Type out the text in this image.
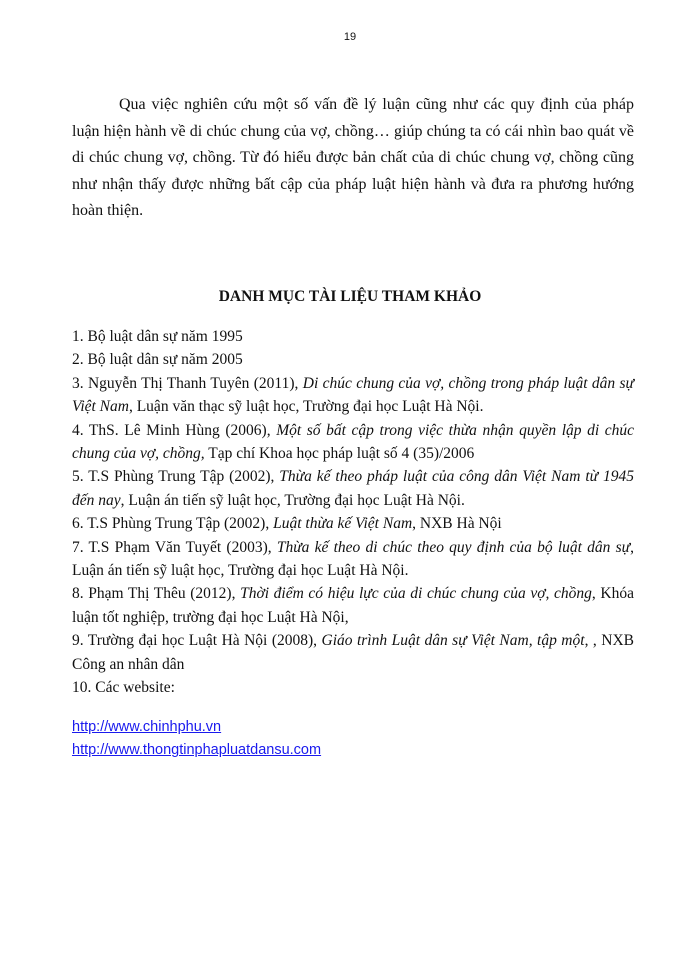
19

Qua việc nghiên cứu một số vấn đề lý luận cũng như các quy định của pháp luận hiện hành về di chúc chung của vợ, chồng… giúp chúng ta có cái nhìn bao quát về di chúc chung vợ, chồng. Từ đó hiểu được bản chất của di chúc chung vợ, chồng cũng như nhận thấy được những bất cập của pháp luật hiện hành và đưa ra phương hướng hoàn thiện.

DANH MỤC TÀI LIỆU THAM KHẢO
1. Bộ luật dân sự năm 1995
2. Bộ luật dân sự năm 2005
3. Nguyễn Thị Thanh Tuyên (2011), Di chúc chung của vợ, chồng trong pháp luật dân sự Việt Nam, Luận văn thạc sỹ luật học, Trường đại học Luật Hà Nội.
4. ThS. Lê Minh Hùng (2006), Một số bất cập trong việc thừa nhận quyền lập di chúc chung của vợ, chồng, Tạp chí Khoa học pháp luật số 4 (35)/2006
5. T.S Phùng Trung Tập (2002), Thừa kế theo pháp luật của công dân Việt Nam từ 1945 đến nay, Luận án tiến sỹ luật học, Trường đại học Luật Hà Nội.
6. T.S Phùng Trung Tập (2002), Luật thừa kế Việt Nam, NXB Hà Nội
7. T.S Phạm Văn Tuyết (2003), Thừa kế theo di chúc theo quy định của bộ luật dân sự, Luận án tiến sỹ luật học, Trường đại học Luật Hà Nội.
8. Phạm Thị Thêu (2012), Thời điểm có hiệu lực của di chúc chung của vợ, chồng, Khóa luận tốt nghiệp, trường đại học Luật Hà Nội,
9. Trường đại học Luật Hà Nội (2008), Giáo trình Luật dân sự Việt Nam, tập một, , NXB Công an nhân dân
10. Các website:
http://www.chinhphu.vn
http://www.thongtinphapluatdansu.com
